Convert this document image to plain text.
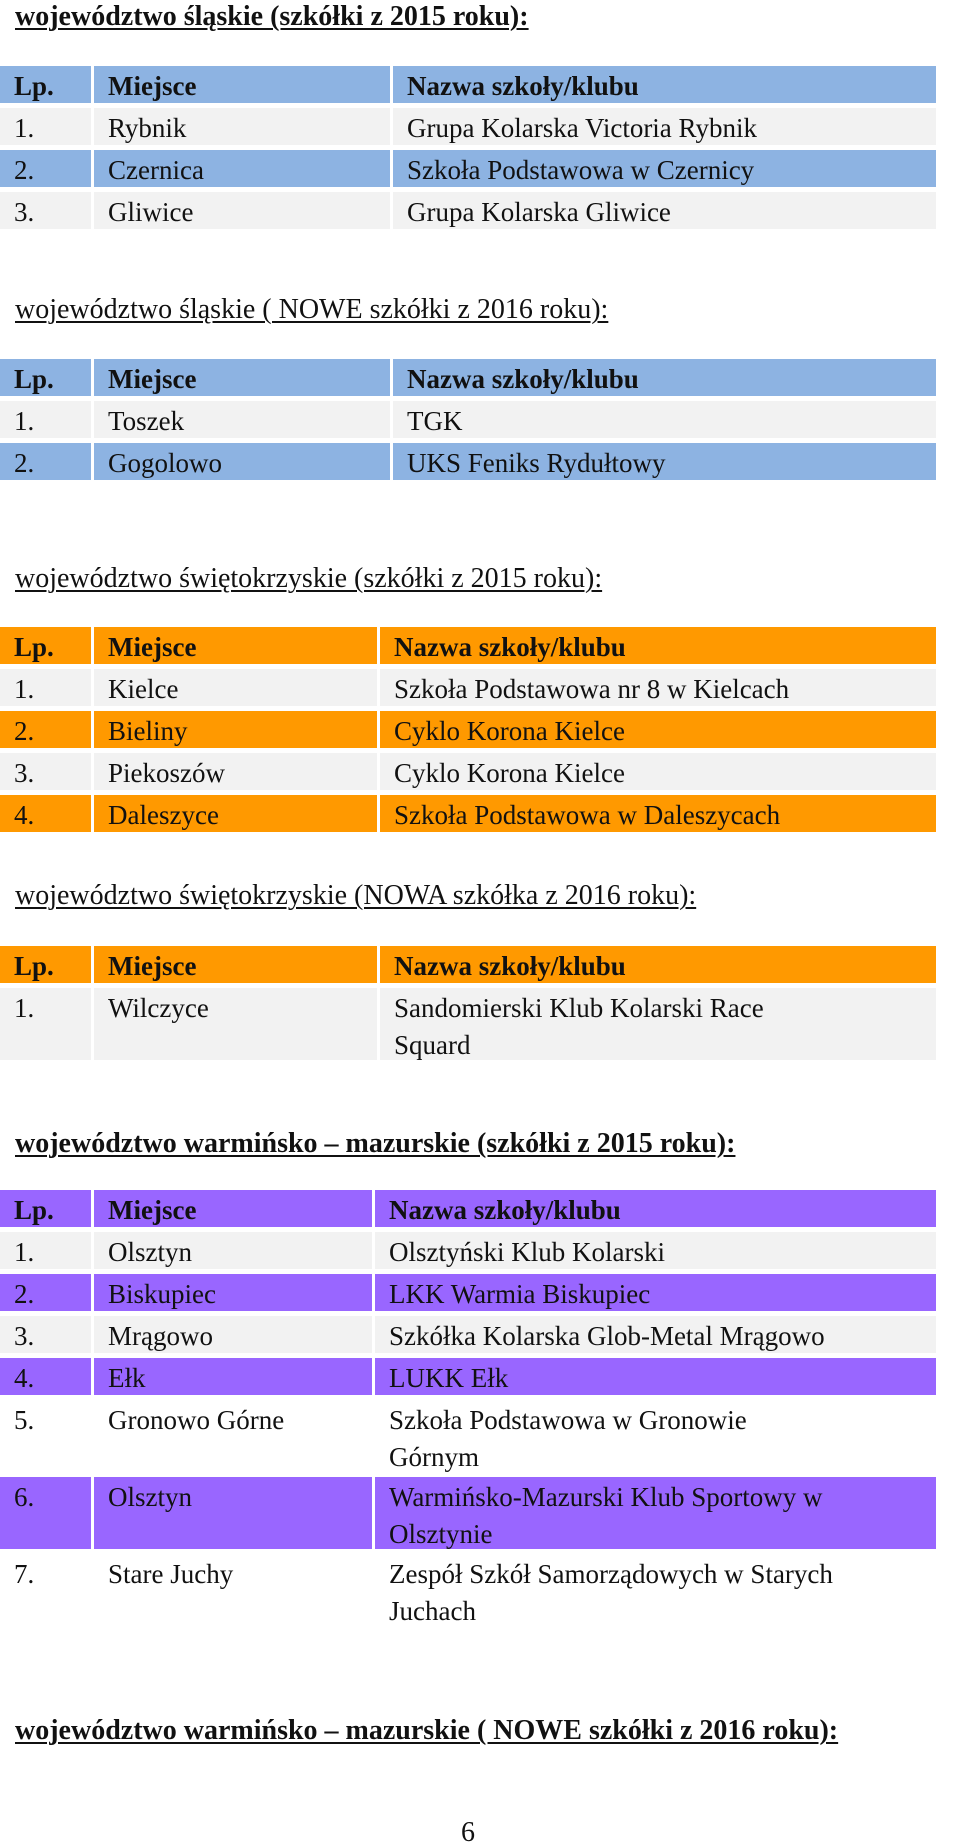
województwo śląskie (szkółki z 2015 roku):
Lp.	Miejsce	Nazwa szkoły/klubu
1.	Rybnik	Grupa Kolarska Victoria Rybnik
2.	Czernica	Szkoła Podstawowa w Czernicy
3.	Gliwice	Grupa Kolarska Gliwice
województwo śląskie ( NOWE szkółki z 2016 roku):
Lp.	Miejsce	Nazwa szkoły/klubu
1.	Toszek	TGK
2.	Gogolowo	UKS Feniks Rydułtowy
województwo świętokrzyskie (szkółki z 2015 roku):
Lp.	Miejsce	Nazwa szkoły/klubu
1.	Kielce	Szkoła Podstawowa nr 8 w Kielcach
2.	Bieliny	Cyklo Korona Kielce
3.	Piekoszów	Cyklo Korona Kielce
4.	Daleszyce	Szkoła Podstawowa w Daleszycach
województwo świętokrzyskie (NOWA szkółka z 2016 roku):
Lp.	Miejsce	Nazwa szkoły/klubu
1.	Wilczyce	Sandomierski Klub Kolarski Race
Squard
województwo warmińsko – mazurskie (szkółki z 2015 roku):
Lp.	Miejsce	Nazwa szkoły/klubu
1.	Olsztyn	Olsztyński Klub Kolarski
2.	Biskupiec	LKK Warmia Biskupiec
3.	Mrągowo	Szkółka Kolarska Glob-Metal Mrągowo
4.	Ełk	LUKK Ełk
5.	Gronowo Górne	Szkoła Podstawowa w Gronowie
Górnym
6.	Olsztyn	Warmińsko-Mazurski Klub Sportowy w
Olsztynie
7.	Stare Juchy	Zespół Szkół Samorządowych w Starych
Juchach
województwo warmińsko – mazurskie ( NOWE szkółki z 2016 roku):
6
